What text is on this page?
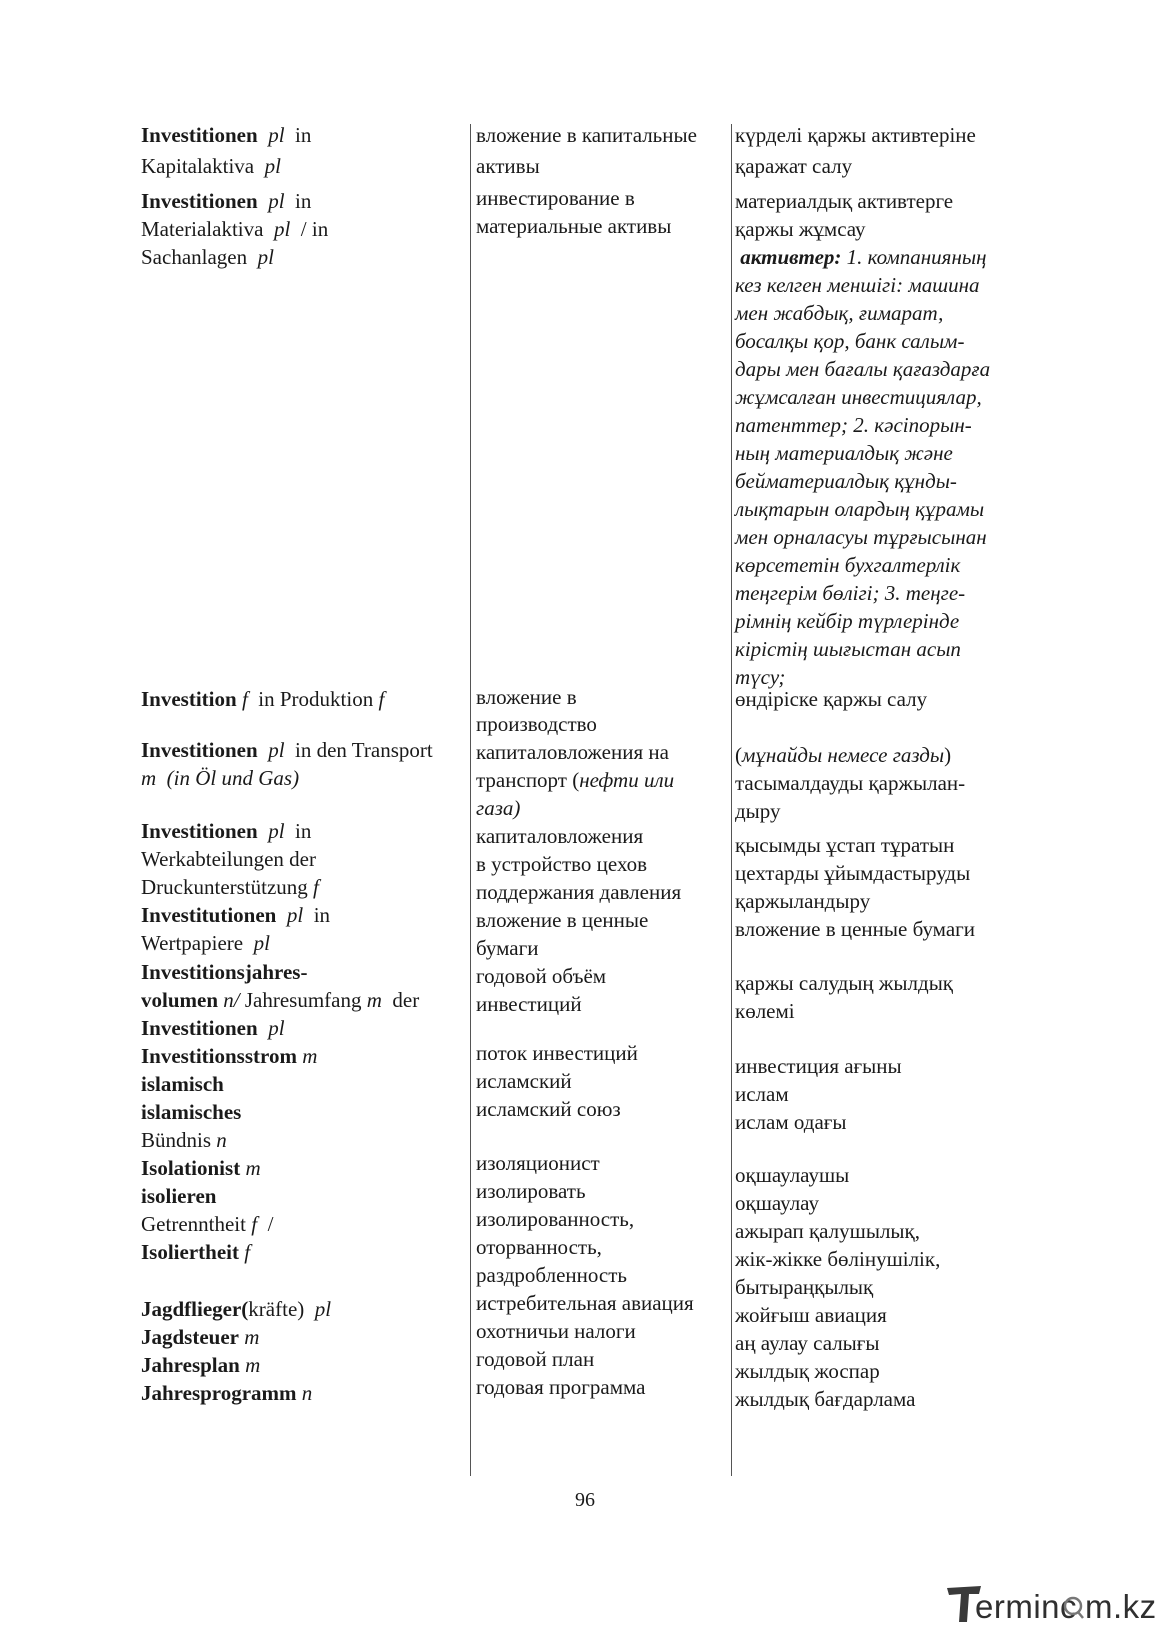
Investitionen pl  in
Kapitalaktiva  pl
Investitionen pl  in
Materialaktiva  pl  / in
Sachanlagen  pl
Investition f  in Produktion f
Investitionen pl  in den Transport
m (in Öl und Gas)
Investitionen pl  in
Werkabteilungen der
Druckunterstützung f
Investitutionen pl  in
Wertpapiere  pl
Investitionsjahres-
volumen n/ Jahresumfang m  der
Investitionen pl
Investitionsstrom m
islamisch
islamisches
Bündnis n
Isolationist m
isolieren
Getrenntheit f  /
Isoliertheit f
Jagdflieger(kräfte)  pl
Jagdsteuer m
Jahresplan m
Jahresprogramm n
вложение в капитальные
активы
инвестирование в
материальные активы
вложение в
производство
капиталовложения на
транспорт (нефти или
газа)
капиталовложения
в устройство цехов
поддержания давления
вложение в ценные
бумаги
годовой объём
инвестиций
поток инвестиций
исламский
исламский союз
изоляционист
изолировать
изолированность,
оторванность,
раздробленность
истребительная авиация
охотничьи налоги
годовой план
годовая программа
күрделі қаржы активтеріне
қаражат салу
материалдық активтерге
қаржы жұмсау
активтер: 1. компанияның
кез келген меншігі: машина
мен жабдық, ғимарат,
босалқы қор, банк салым-
дары мен бағалы қағаздарға
жұмсалған инвестициялар,
патенттер; 2. кәсіпорын-
ның материалдық және
бейматериалдық құнды-
лықтарын олардың құрамы
мен орналасуы тұрғысынан
көрсететін бухгалтерлік
теңгерім бөлігі; 3. теңге-
рімнің кейбір түрлерінде
кірістің шығыстан асып
түсу;
өндіріске қаржы салу
(мұнайды немесе газды)
тасымалдауды қаржылан-
дыру
қысымды ұстап тұратын
цехтарды ұйымдастыруды
қаржыландыру
вложение в ценные бумаги
қаржы салудың жылдық
көлемі
инвестиция ағыны
ислам
ислам одағы
оқшаулаушы
оқшаулау
ажырап қалушылық,
жік-жікке бөлінушілік,
бытыраңқылық
жойғыш авиация
аң аулау салығы
жылдық жоспар
жылдық бағдарлама
96
erminc m.kz
